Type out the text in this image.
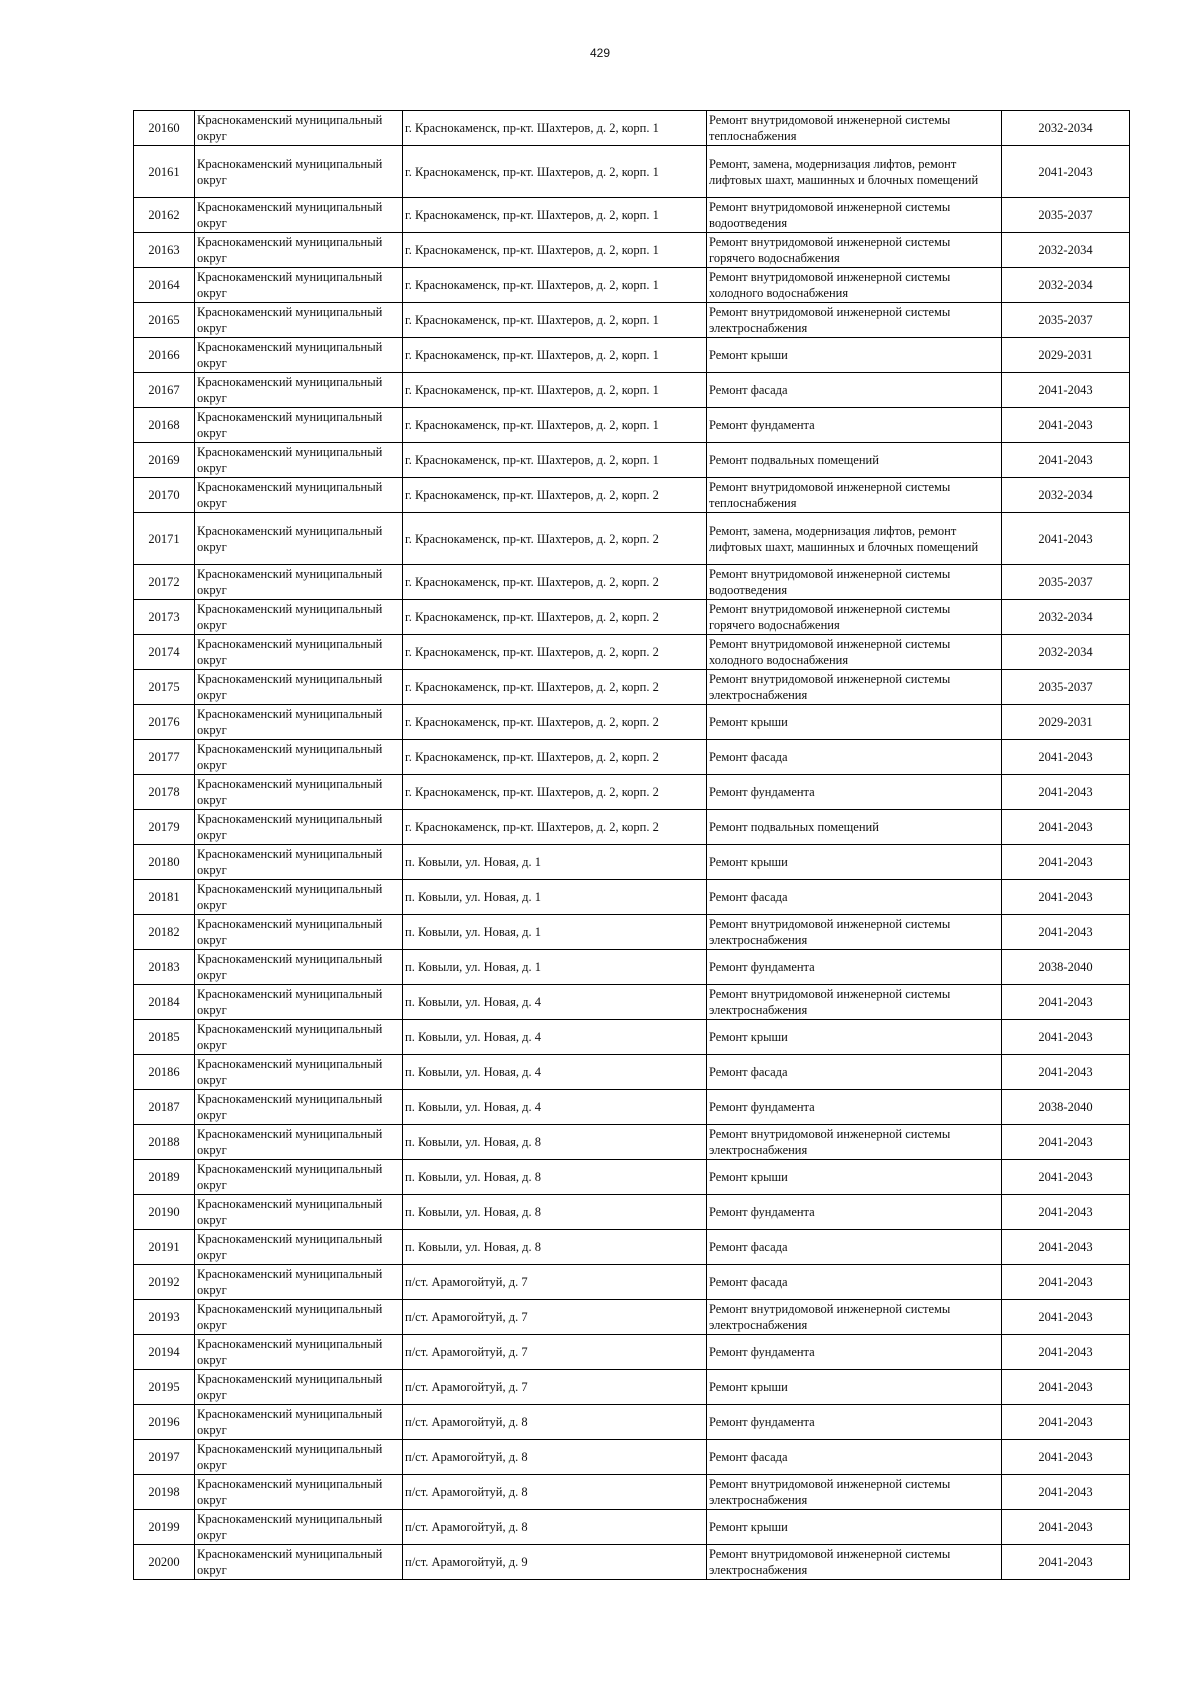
429
20160	Краснокаменский муниципальный округ	г. Краснокаменск, пр-кт. Шахтеров, д. 2, корп. 1	Ремонт внутридомовой инженерной системы теплоснабжения	2032-2034
20161	Краснокаменский муниципальный округ	г. Краснокаменск, пр-кт. Шахтеров, д. 2, корп. 1	Ремонт, замена, модернизация лифтов, ремонт лифтовых шахт, машинных и блочных помещений	2041-2043
20162	Краснокаменский муниципальный округ	г. Краснокаменск, пр-кт. Шахтеров, д. 2, корп. 1	Ремонт внутридомовой инженерной системы водоотведения	2035-2037
20163	Краснокаменский муниципальный округ	г. Краснокаменск, пр-кт. Шахтеров, д. 2, корп. 1	Ремонт внутридомовой инженерной системы горячего водоснабжения	2032-2034
20164	Краснокаменский муниципальный округ	г. Краснокаменск, пр-кт. Шахтеров, д. 2, корп. 1	Ремонт внутридомовой инженерной системы холодного водоснабжения	2032-2034
20165	Краснокаменский муниципальный округ	г. Краснокаменск, пр-кт. Шахтеров, д. 2, корп. 1	Ремонт внутридомовой инженерной системы электроснабжения	2035-2037
20166	Краснокаменский муниципальный округ	г. Краснокаменск, пр-кт. Шахтеров, д. 2, корп. 1	Ремонт крыши	2029-2031
20167	Краснокаменский муниципальный округ	г. Краснокаменск, пр-кт. Шахтеров, д. 2, корп. 1	Ремонт фасада	2041-2043
20168	Краснокаменский муниципальный округ	г. Краснокаменск, пр-кт. Шахтеров, д. 2, корп. 1	Ремонт фундамента	2041-2043
20169	Краснокаменский муниципальный округ	г. Краснокаменск, пр-кт. Шахтеров, д. 2, корп. 1	Ремонт подвальных помещений	2041-2043
20170	Краснокаменский муниципальный округ	г. Краснокаменск, пр-кт. Шахтеров, д. 2, корп. 2	Ремонт внутридомовой инженерной системы теплоснабжения	2032-2034
20171	Краснокаменский муниципальный округ	г. Краснокаменск, пр-кт. Шахтеров, д. 2, корп. 2	Ремонт, замена, модернизация лифтов, ремонт лифтовых шахт, машинных и блочных помещений	2041-2043
20172	Краснокаменский муниципальный округ	г. Краснокаменск, пр-кт. Шахтеров, д. 2, корп. 2	Ремонт внутридомовой инженерной системы водоотведения	2035-2037
20173	Краснокаменский муниципальный округ	г. Краснокаменск, пр-кт. Шахтеров, д. 2, корп. 2	Ремонт внутридомовой инженерной системы горячего водоснабжения	2032-2034
20174	Краснокаменский муниципальный округ	г. Краснокаменск, пр-кт. Шахтеров, д. 2, корп. 2	Ремонт внутридомовой инженерной системы холодного водоснабжения	2032-2034
20175	Краснокаменский муниципальный округ	г. Краснокаменск, пр-кт. Шахтеров, д. 2, корп. 2	Ремонт внутридомовой инженерной системы электроснабжения	2035-2037
20176	Краснокаменский муниципальный округ	г. Краснокаменск, пр-кт. Шахтеров, д. 2, корп. 2	Ремонт крыши	2029-2031
20177	Краснокаменский муниципальный округ	г. Краснокаменск, пр-кт. Шахтеров, д. 2, корп. 2	Ремонт фасада	2041-2043
20178	Краснокаменский муниципальный округ	г. Краснокаменск, пр-кт. Шахтеров, д. 2, корп. 2	Ремонт фундамента	2041-2043
20179	Краснокаменский муниципальный округ	г. Краснокаменск, пр-кт. Шахтеров, д. 2, корп. 2	Ремонт подвальных помещений	2041-2043
20180	Краснокаменский муниципальный округ	п. Ковыли, ул. Новая, д. 1	Ремонт крыши	2041-2043
20181	Краснокаменский муниципальный округ	п. Ковыли, ул. Новая, д. 1	Ремонт фасада	2041-2043
20182	Краснокаменский муниципальный округ	п. Ковыли, ул. Новая, д. 1	Ремонт внутридомовой инженерной системы электроснабжения	2041-2043
20183	Краснокаменский муниципальный округ	п. Ковыли, ул. Новая, д. 1	Ремонт фундамента	2038-2040
20184	Краснокаменский муниципальный округ	п. Ковыли, ул. Новая, д. 4	Ремонт внутридомовой инженерной системы электроснабжения	2041-2043
20185	Краснокаменский муниципальный округ	п. Ковыли, ул. Новая, д. 4	Ремонт крыши	2041-2043
20186	Краснокаменский муниципальный округ	п. Ковыли, ул. Новая, д. 4	Ремонт фасада	2041-2043
20187	Краснокаменский муниципальный округ	п. Ковыли, ул. Новая, д. 4	Ремонт фундамента	2038-2040
20188	Краснокаменский муниципальный округ	п. Ковыли, ул. Новая, д. 8	Ремонт внутридомовой инженерной системы электроснабжения	2041-2043
20189	Краснокаменский муниципальный округ	п. Ковыли, ул. Новая, д. 8	Ремонт крыши	2041-2043
20190	Краснокаменский муниципальный округ	п. Ковыли, ул. Новая, д. 8	Ремонт фундамента	2041-2043
20191	Краснокаменский муниципальный округ	п. Ковыли, ул. Новая, д. 8	Ремонт фасада	2041-2043
20192	Краснокаменский муниципальный округ	п/ст. Арамогойтуй, д. 7	Ремонт фасада	2041-2043
20193	Краснокаменский муниципальный округ	п/ст. Арамогойтуй, д. 7	Ремонт внутридомовой инженерной системы электроснабжения	2041-2043
20194	Краснокаменский муниципальный округ	п/ст. Арамогойтуй, д. 7	Ремонт фундамента	2041-2043
20195	Краснокаменский муниципальный округ	п/ст. Арамогойтуй, д. 7	Ремонт крыши	2041-2043
20196	Краснокаменский муниципальный округ	п/ст. Арамогойтуй, д. 8	Ремонт фундамента	2041-2043
20197	Краснокаменский муниципальный округ	п/ст. Арамогойтуй, д. 8	Ремонт фасада	2041-2043
20198	Краснокаменский муниципальный округ	п/ст. Арамогойтуй, д. 8	Ремонт внутридомовой инженерной системы электроснабжения	2041-2043
20199	Краснокаменский муниципальный округ	п/ст. Арамогойтуй, д. 8	Ремонт крыши	2041-2043
20200	Краснокаменский муниципальный округ	п/ст. Арамогойтуй, д. 9	Ремонт внутридомовой инженерной системы электроснабжения	2041-2043
